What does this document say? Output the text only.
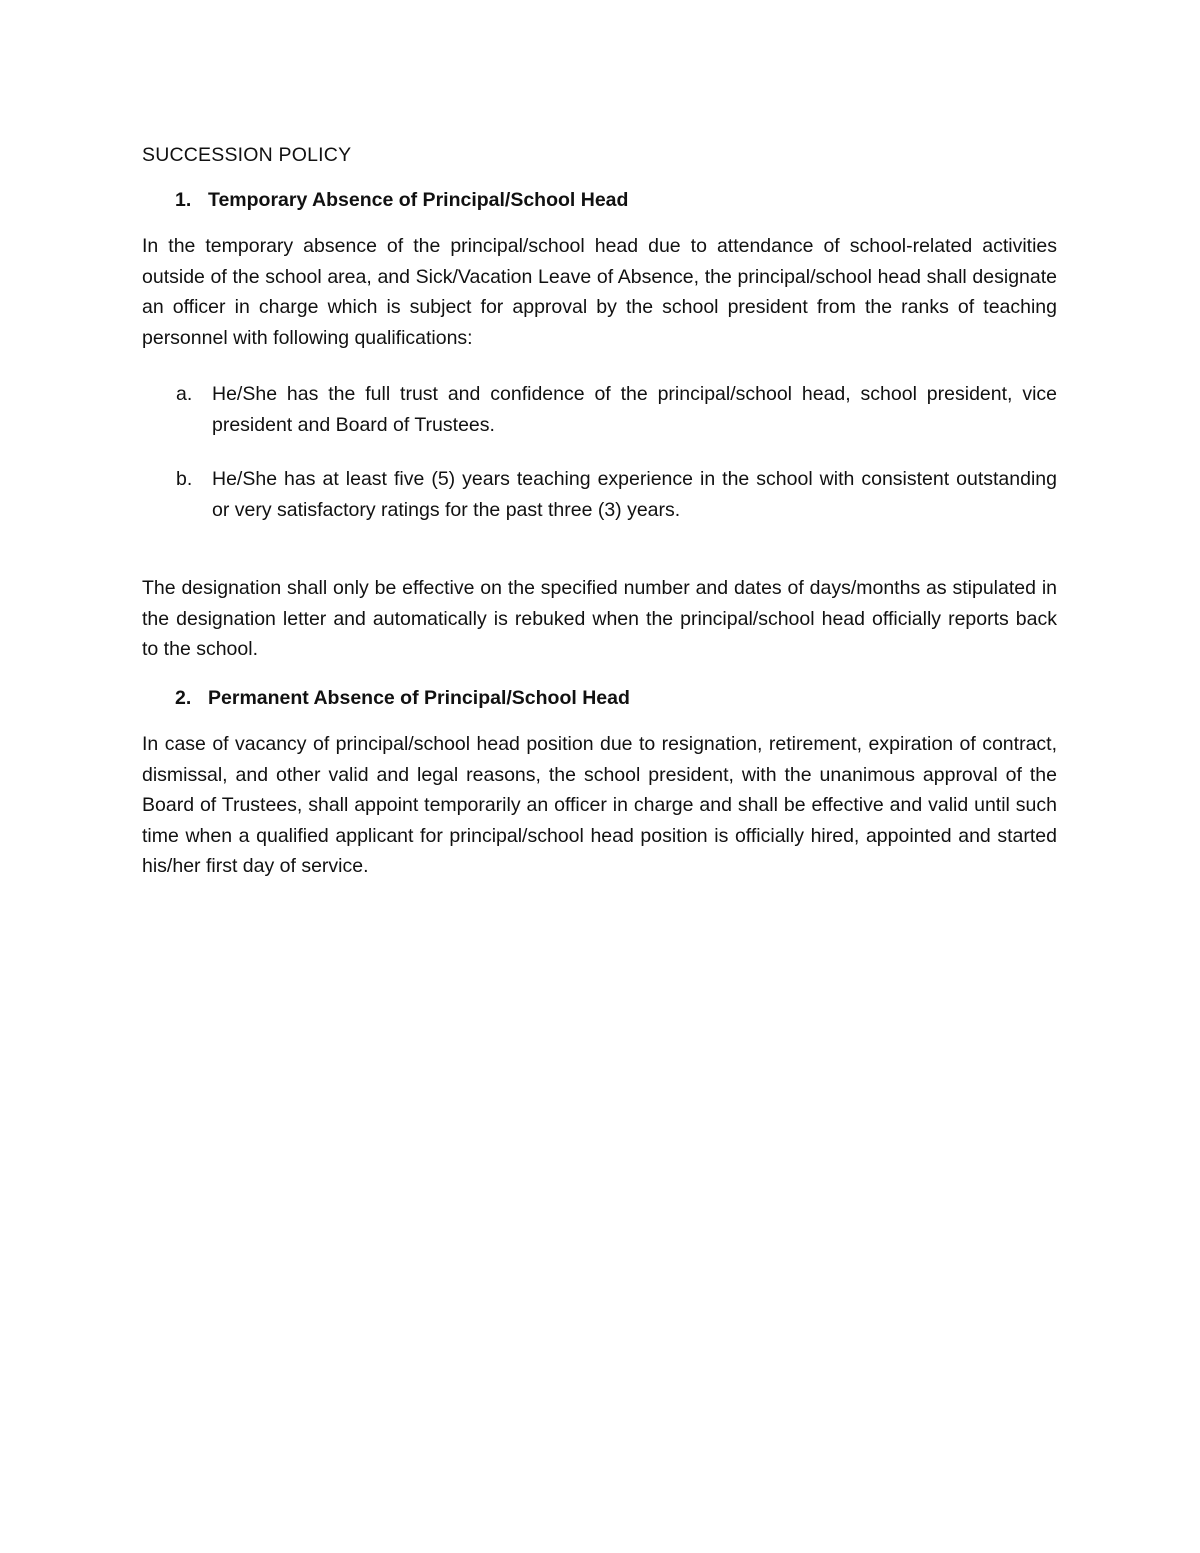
SUCCESSION POLICY
1. Temporary Absence of Principal/School Head

In the temporary absence of the principal/school head due to attendance of school-related activities outside of the school area, and Sick/Vacation Leave of Absence, the principal/school head shall designate an officer in charge which is subject for approval by the school president from the ranks of teaching personnel with following qualifications:

a.	He/She has the full trust and confidence of the principal/school head, school president, vice president and Board of Trustees.
b.	He/She has at least five (5) years teaching experience in the school with consistent outstanding or very satisfactory ratings for the past three (3) years.

The designation shall only be effective on the specified number and dates of days/months as stipulated in the designation letter and automatically is rebuked when the principal/school head officially reports back to the school.

2. Permanent Absence of Principal/School Head

In case of vacancy of principal/school head position due to resignation, retirement, expiration of contract, dismissal, and other valid and legal reasons, the school president, with the unanimous approval of the Board of Trustees, shall appoint temporarily an officer in charge and shall be effective and valid until such time when a qualified applicant for principal/school head position is officially hired, appointed and started his/her first day of service.
